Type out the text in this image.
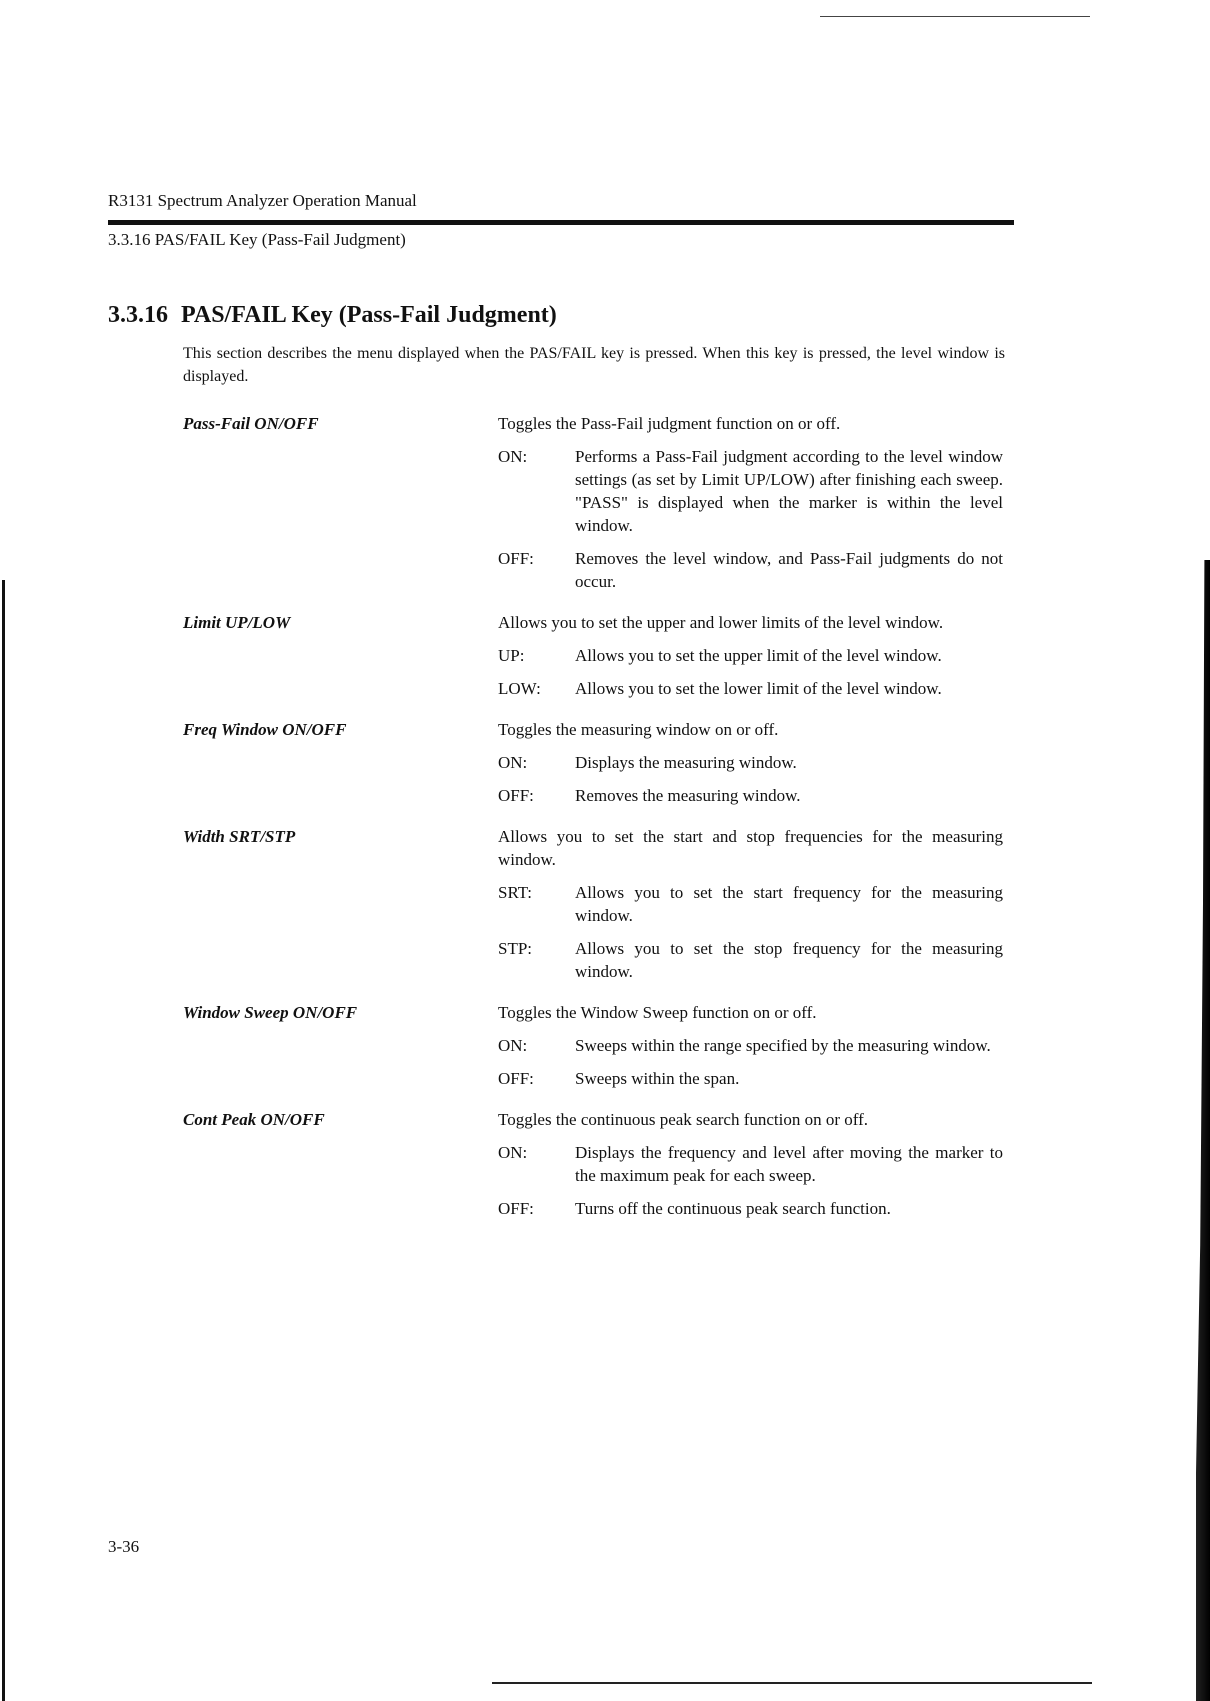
R3131 Spectrum Analyzer Operation Manual
3.3.16 PAS/FAIL Key (Pass-Fail Judgment)
3.3.16 PAS/FAIL Key (Pass-Fail Judgment)
This section describes the menu displayed when the PAS/FAIL key is pressed. When this key is pressed, the level window is displayed.
Pass-Fail ON/OFF	Toggles the Pass-Fail judgment function on or off.
ON:	Performs a Pass-Fail judgment according to the level window settings (as set by Limit UP/LOW) after finishing each sweep. "PASS" is displayed when the marker is within the level window.
OFF:	Removes the level window, and Pass-Fail judgments do not occur.
Limit UP/LOW	Allows you to set the upper and lower limits of the level window.
UP:	Allows you to set the upper limit of the level window.
LOW:	Allows you to set the lower limit of the level window.
Freq Window ON/OFF	Toggles the measuring window on or off.
ON:	Displays the measuring window.
OFF:	Removes the measuring window.
Width SRT/STP	Allows you to set the start and stop frequencies for the measuring window.
SRT:	Allows you to set the start frequency for the measuring window.
STP:	Allows you to set the stop frequency for the measuring window.
Window Sweep ON/OFF	Toggles the Window Sweep function on or off.
ON:	Sweeps within the range specified by the measuring window.
OFF:	Sweeps within the span.
Cont Peak ON/OFF	Toggles the continuous peak search function on or off.
ON:	Displays the frequency and level after moving the marker to the maximum peak for each sweep.
OFF:	Turns off the continuous peak search function.
3-36
